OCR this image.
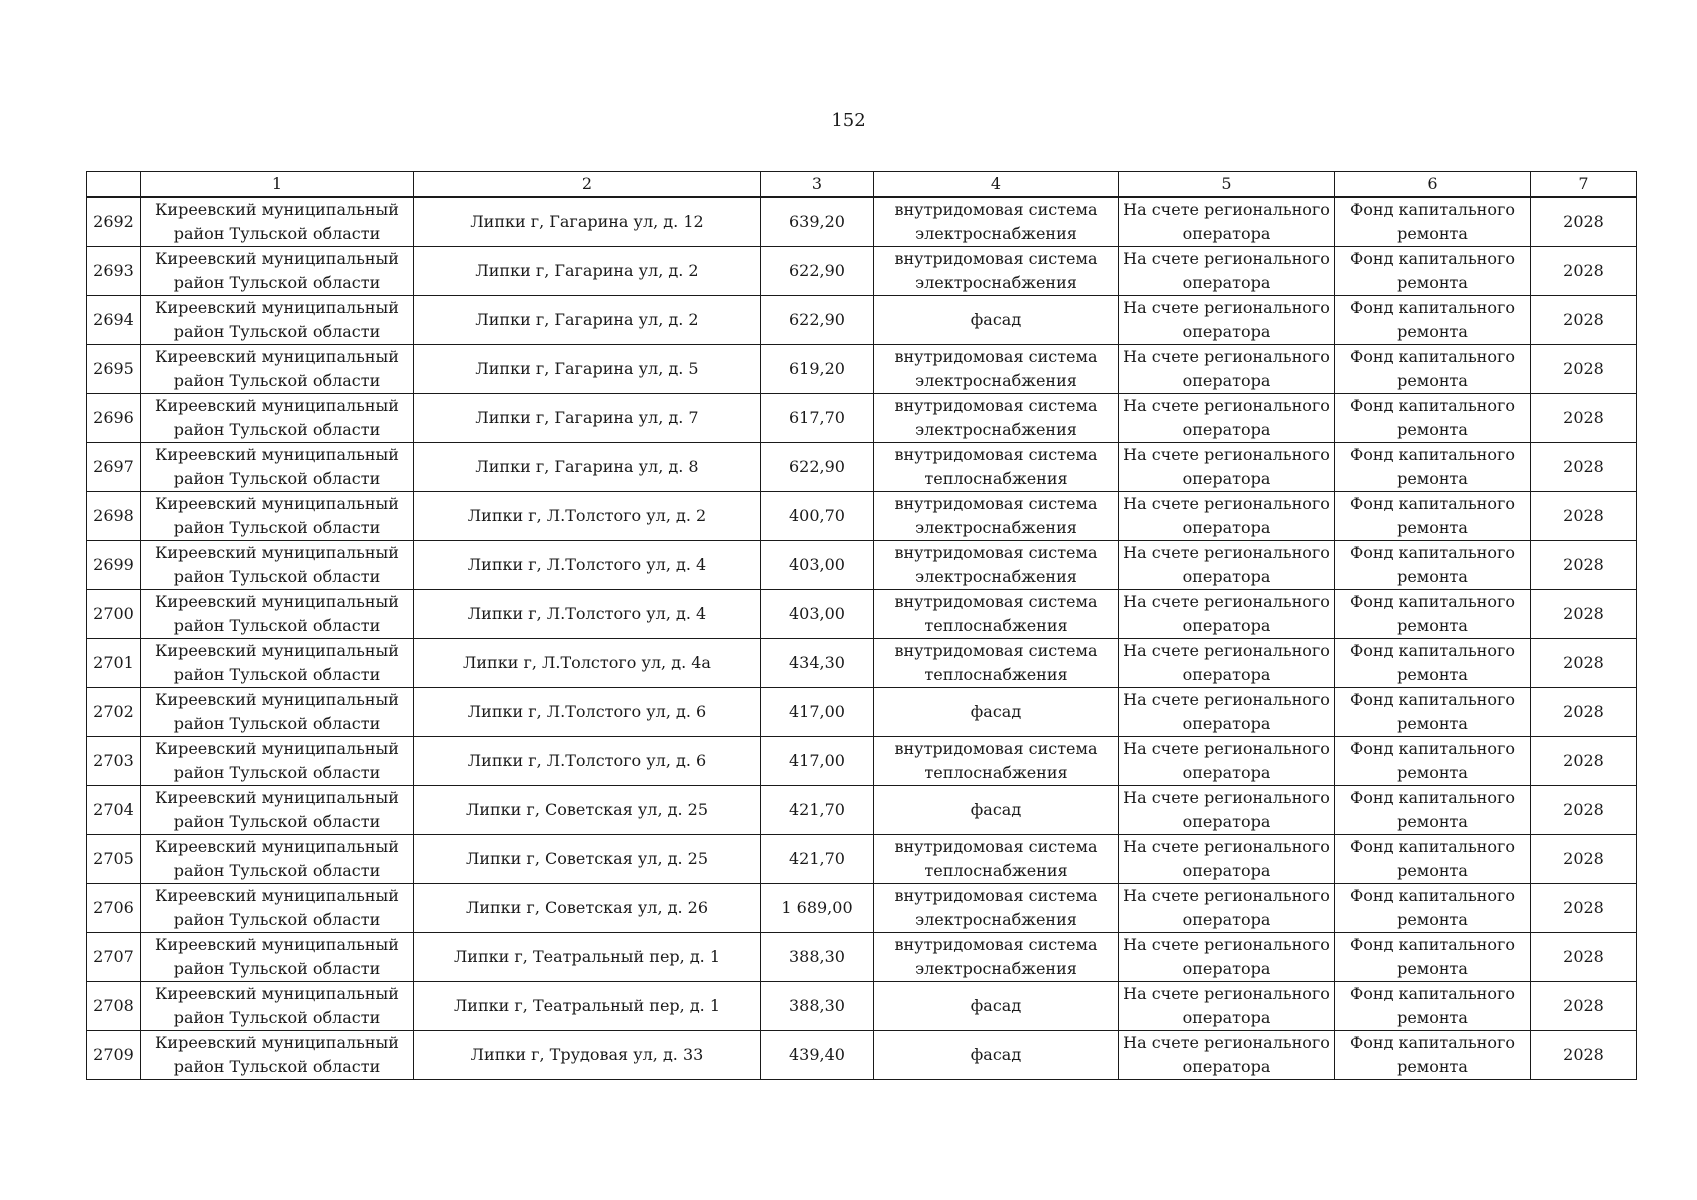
152
	1	2	3	4	5	6	7

2692	Киреевский муниципальный
район Тульской области	Липки г, Гагарина ул, д. 12	639,20	внутридомовая система
электроснабжения	На счете регионального
оператора	Фонд капитального
ремонта	2028

2693	Киреевский муниципальный
район Тульской области	Липки г, Гагарина ул, д. 2	622,90	внутридомовая система
электроснабжения	На счете регионального
оператора	Фонд капитального
ремонта	2028

2694	Киреевский муниципальный
район Тульской области	Липки г, Гагарина ул, д. 2	622,90	фасад	На счете регионального
оператора	Фонд капитального
ремонта	2028

2695	Киреевский муниципальный
район Тульской области	Липки г, Гагарина ул, д. 5	619,20	внутридомовая система
электроснабжения	На счете регионального
оператора	Фонд капитального
ремонта	2028

2696	Киреевский муниципальный
район Тульской области	Липки г, Гагарина ул, д. 7	617,70	внутридомовая система
электроснабжения	На счете регионального
оператора	Фонд капитального
ремонта	2028

2697	Киреевский муниципальный
район Тульской области	Липки г, Гагарина ул, д. 8	622,90	внутридомовая система
теплоснабжения	На счете регионального
оператора	Фонд капитального
ремонта	2028

2698	Киреевский муниципальный
район Тульской области	Липки г, Л.Толстого ул, д. 2	400,70	внутридомовая система
электроснабжения	На счете регионального
оператора	Фонд капитального
ремонта	2028

2699	Киреевский муниципальный
район Тульской области	Липки г, Л.Толстого ул, д. 4	403,00	внутридомовая система
электроснабжения	На счете регионального
оператора	Фонд капитального
ремонта	2028

2700	Киреевский муниципальный
район Тульской области	Липки г, Л.Толстого ул, д. 4	403,00	внутридомовая система
теплоснабжения	На счете регионального
оператора	Фонд капитального
ремонта	2028

2701	Киреевский муниципальный
район Тульской области	Липки г, Л.Толстого ул, д. 4а	434,30	внутридомовая система
теплоснабжения	На счете регионального
оператора	Фонд капитального
ремонта	2028

2702	Киреевский муниципальный
район Тульской области	Липки г, Л.Толстого ул, д. 6	417,00	фасад	На счете регионального
оператора	Фонд капитального
ремонта	2028

2703	Киреевский муниципальный
район Тульской области	Липки г, Л.Толстого ул, д. 6	417,00	внутридомовая система
теплоснабжения	На счете регионального
оператора	Фонд капитального
ремонта	2028

2704	Киреевский муниципальный
район Тульской области	Липки г, Советская ул, д. 25	421,70	фасад	На счете регионального
оператора	Фонд капитального
ремонта	2028

2705	Киреевский муниципальный
район Тульской области	Липки г, Советская ул, д. 25	421,70	внутридомовая система
теплоснабжения	На счете регионального
оператора	Фонд капитального
ремонта	2028

2706	Киреевский муниципальный
район Тульской области	Липки г, Советская ул, д. 26	1 689,00	внутридомовая система
электроснабжения	На счете регионального
оператора	Фонд капитального
ремонта	2028

2707	Киреевский муниципальный
район Тульской области	Липки г, Театральный пер, д. 1	388,30	внутридомовая система
электроснабжения	На счете регионального
оператора	Фонд капитального
ремонта	2028

2708	Киреевский муниципальный
район Тульской области	Липки г, Театральный пер, д. 1	388,30	фасад	На счете регионального
оператора	Фонд капитального
ремонта	2028

2709	Киреевский муниципальный
район Тульской области	Липки г, Трудовая ул, д. 33	439,40	фасад	На счете регионального
оператора	Фонд капитального
ремонта	2028
